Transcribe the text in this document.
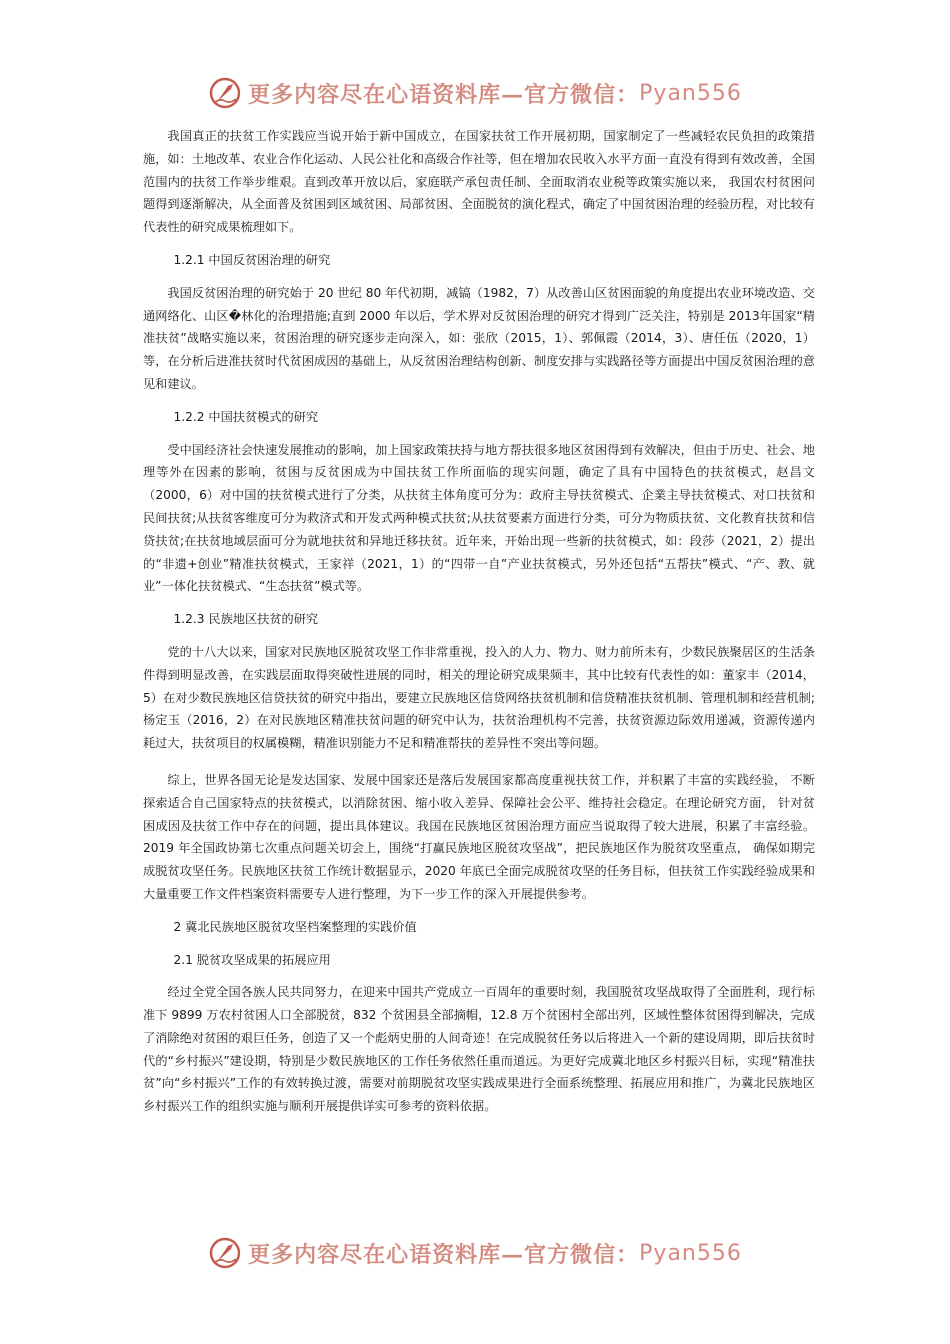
更多内容尽在心语资料库—官方微信： Pyan556

我国真正的扶贫工作实践应当说开始于新中国成立，在国家扶贫工作开展初期，国家制定了一些减轻农民负担的政策措施，如：土地改革、农业合作化运动、人民公社化和高级合作社等，但在增加农民收入水平方面一直没有得到有效改善，全国范围内的扶贫工作举步维艰。直到改革开放以后，家庭联产承包责任制、全面取消农业税等政策实施以来， 我国农村贫困问题得到逐渐解决，从全面普及贫困到区域贫困、局部贫困、全面脱贫的演化程式，确定了中国贫困治理的经验历程，对比较有代表性的研究成果梳理如下。

1.2.1 中国反贫困治理的研究

我国反贫困治理的研究始于 20 世纪 80 年代初期，减镐（1982，7）从改善山区贫困面貌的角度提出农业环境改造、交通网络化、山区�林化的治理措施;直到 2000 年以后，学术界对反贫困治理的研究才得到广泛关注，特别是 2013年国家“精准扶贫”战略实施以来，贫困治理的研究逐步走向深入，如：张欣（2015，1）、郭佩霞（2014，3）、唐任伍（2020，1）等，在分析后进准扶贫时代贫困成因的基础上，从反贫困治理结构创新、制度安排与实践路径等方面提出中国反贫困治理的意见和建议。

1.2.2 中国扶贫模式的研究

受中国经济社会快速发展推动的影响，加上国家政策扶持与地方帮扶很多地区贫困得到有效解决，但由于历史、社会、地理等外在因素的影响，贫困与反贫困成为中国扶贫工作所面临的现实问题，确定了具有中国特色的扶贫模式，赵昌文（2000，6）对中国的扶贫模式进行了分类，从扶贫主体角度可分为：政府主导扶贫模式、企業主导扶贫模式、对口扶贫和民间扶贫;从扶贫客维度可分为救济式和开发式两种模式扶贫;从扶贫要素方面进行分类，可分为物质扶贫、文化教育扶贫和信贷扶贫;在扶贫地域层面可分为就地扶贫和异地迁移扶贫。近年来，开始出现一些新的扶贫模式，如：段莎（2021，2）提出的“非遗+创业”精准扶贫模式，王家祥（2021，1）的“四带一自”产业扶贫模式，另外还包括“五帮扶”模式、“产、教、就业”一体化扶贫模式、“生态扶贫”模式等。

1.2.3 民族地区扶贫的研究

党的十八大以来，国家对民族地区脱贫攻坚工作非常重视，投入的人力、物力、财力前所未有，少数民族聚居区的生活条件得到明显改善，在实践层面取得突破性进展的同时，相关的理论研究成果频丰，其中比较有代表性的如：董家丰（2014，5）在对少数民族地区信贷扶贫的研究中指出，要建立民族地区信贷网络扶贫机制和信贷精准扶贫机制、管理机制和经营机制;杨定玉（2016，2）在对民族地区精准扶贫问题的研究中认为，扶贫治理机构不完善，扶贫资源边际效用递减，资源传递内耗过大，扶贫项目的权属模糊，精准识别能力不足和精准帮扶的差异性不突出等问题。

综上，世界各国无论是发达国家、发展中国家还是落后发展国家都高度重视扶贫工作，并积累了丰富的实践经验， 不断探索适合自己国家特点的扶贫模式，以消除贫困、缩小收入差异、保障社会公平、维持社会稳定。在理论研究方面， 针对贫困成因及扶贫工作中存在的问题，提出具体建议。我国在民族地区贫困治理方面应当说取得了较大进展，积累了丰富经验。2019 年全国政协第七次重点问题关切会上，围绕“打赢民族地区脱贫攻坚战”，把民族地区作为脱贫攻坚重点， 确保如期完成脱贫攻坚任务。民族地区扶贫工作统计数据显示，2020 年底已全面完成脱贫攻坚的任务目标，但扶贫工作实践经验成果和大量重要工作文件档案资料需要专人进行整理，为下一步工作的深入开展提供参考。

2 冀北民族地区脱贫攻坚档案整理的实践价值

2.1 脱贫攻坚成果的拓展应用

经过全党全国各族人民共同努力，在迎来中国共产党成立一百周年的重要时刻，我国脱贫攻坚战取得了全面胜利，现行标准下 9899 万农村贫困人口全部脱贫，832 个贫困县全部摘帽，12.8 万个贫困村全部出列，区域性整体贫困得到解决，完成了消除绝对贫困的艰巨任务，创造了又一个彪炳史册的人间奇迹！在完成脱贫任务以后将进入一个新的建设周期，即后扶贫时代的“乡村振兴”建设期，特别是少数民族地区的工作任务依然任重而道远。为更好完成冀北地区乡村振兴目标，实现“精准扶贫”向“乡村振兴”工作的有效转换过渡，需要对前期脱贫攻坚实践成果进行全面系统整理、拓展应用和推广，为冀北民族地区乡村振兴工作的组织实施与顺利开展提供详实可参考的资料依据。

更多内容尽在心语资料库—官方微信： Pyan556
